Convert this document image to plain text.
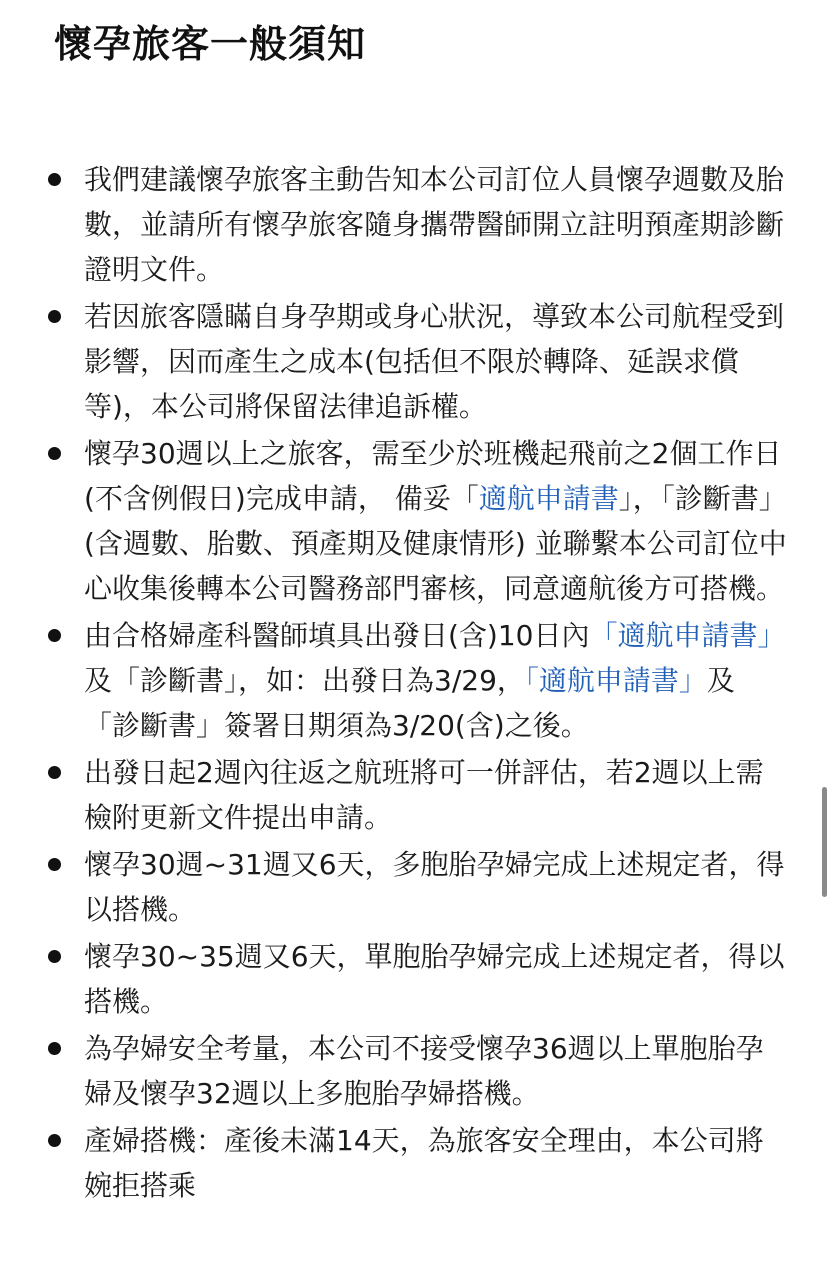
懷孕旅客一般須知
我們建議懷孕旅客主動告知本公司訂位人員懷孕週數及胎數，並請所有懷孕旅客隨身攜帶醫師開立註明預產期診斷證明文件。
若因旅客隱瞞自身孕期或身心狀況，導致本公司航程受到影響，因而產生之成本(包括但不限於轉降、延誤求償等)，本公司將保留法律追訴權。
懷孕30週以上之旅客，需至少於班機起飛前之2個工作日(不含例假日)完成申請， 備妥「適航申請書」，「診斷書」(含週數、胎數、預產期及健康情形) 並聯繫本公司訂位中心收集後轉本公司醫務部門審核，同意適航後方可搭機。
由合格婦產科醫師填具出發日(含)10日內「適航申請書」及「診斷書」，如：出發日為3/29，「適航申請書」及「診斷書」簽署日期須為3/20(含)之後。
出發日起2週內往返之航班將可一併評估，若2週以上需檢附更新文件提出申請。
懷孕30週~31週又6天，多胞胎孕婦完成上述規定者，得以搭機。
懷孕30~35週又6天，單胞胎孕婦完成上述規定者，得以搭機。
為孕婦安全考量，本公司不接受懷孕36週以上單胞胎孕婦及懷孕32週以上多胞胎孕婦搭機。
產婦搭機：產後未滿14天，為旅客安全理由，本公司將婉拒搭乘
